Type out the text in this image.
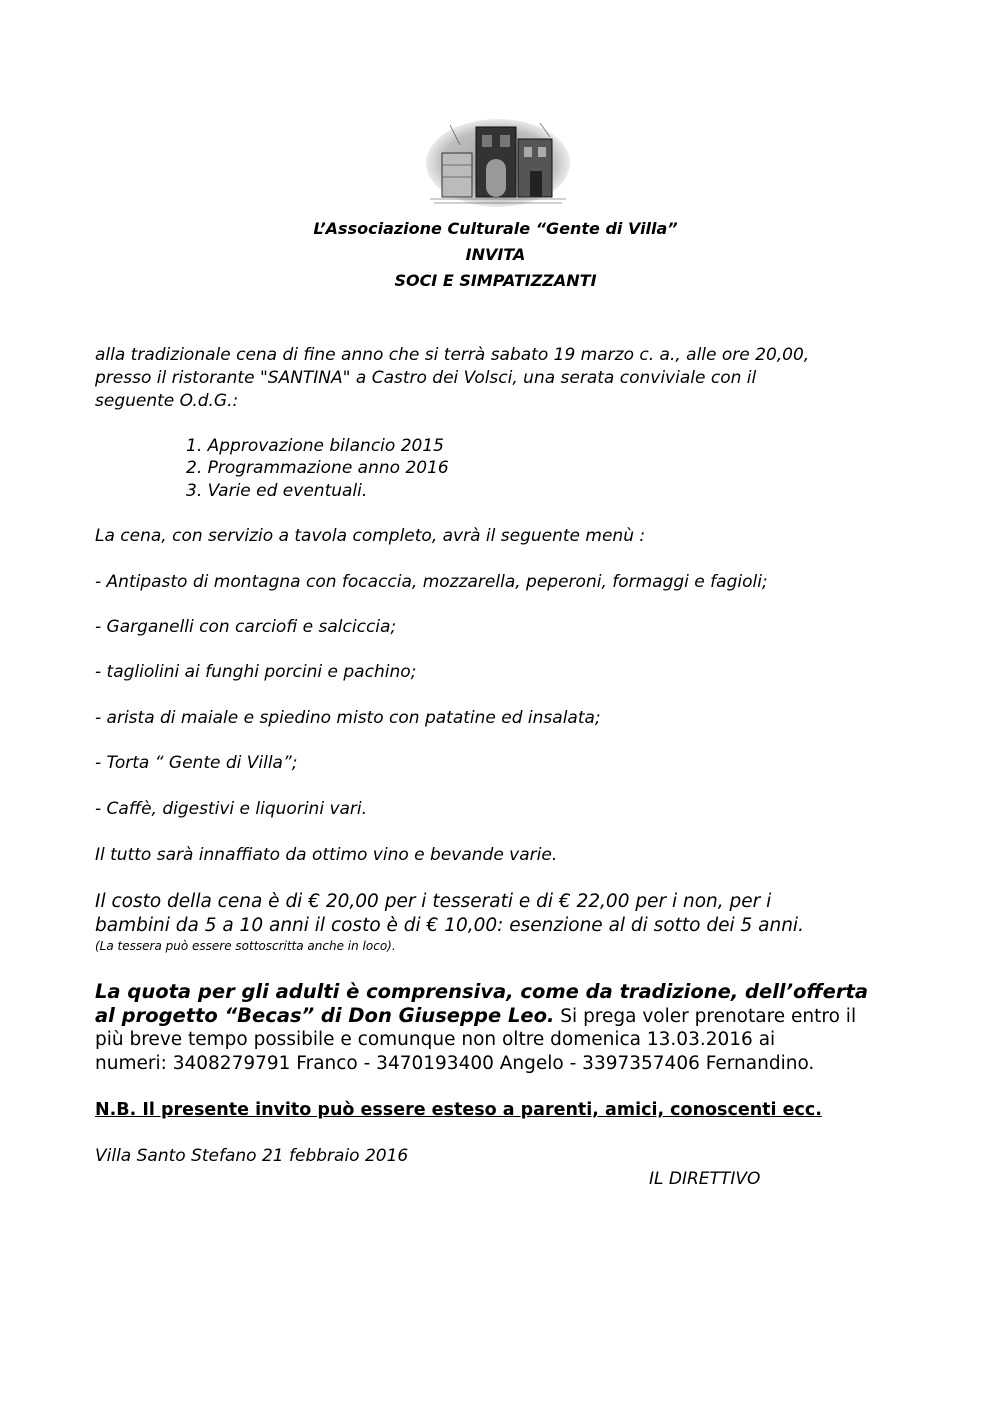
L’Associazione Culturale “Gente di Villa”
INVITA
SOCI E SIMPATIZZANTI
alla tradizionale cena di fine anno che si terrà sabato 19 marzo c. a., alle ore 20,00,
presso il ristorante "SANTINA" a Castro dei Volsci, una serata conviviale con il
seguente O.d.G.:
1. Approvazione bilancio 2015
2. Programmazione anno 2016
3. Varie ed eventuali.
La cena, con servizio a tavola completo, avrà il seguente menù :
- Antipasto di montagna con focaccia, mozzarella, peperoni, formaggi e fagioli;
- Garganelli con carciofi e salciccia;
- tagliolini ai funghi porcini e pachino;
- arista di maiale e spiedino misto con patatine ed insalata;
- Torta “ Gente di Villa”;
- Caffè, digestivi e liquorini vari.
Il tutto sarà innaffiato da ottimo vino e bevande varie.
Il costo della cena è di € 20,00 per i tesserati e di € 22,00 per i non, per i
bambini da 5 a 10 anni il costo è di € 10,00: esenzione al di sotto dei 5 anni.
(La tessera può essere sottoscritta anche in loco).
La quota per gli adulti è comprensiva, come da tradizione, dell’offerta
al progetto “Becas” di Don Giuseppe Leo. Si prega voler prenotare entro il
più breve tempo possibile e comunque non oltre domenica 13.03.2016 ai
numeri: 3408279791 Franco - 3470193400 Angelo - 3397357406 Fernandino.
N.B. Il presente invito può essere esteso a parenti, amici, conoscenti ecc.
Villa Santo Stefano 21 febbraio 2016
IL DIRETTIVO
